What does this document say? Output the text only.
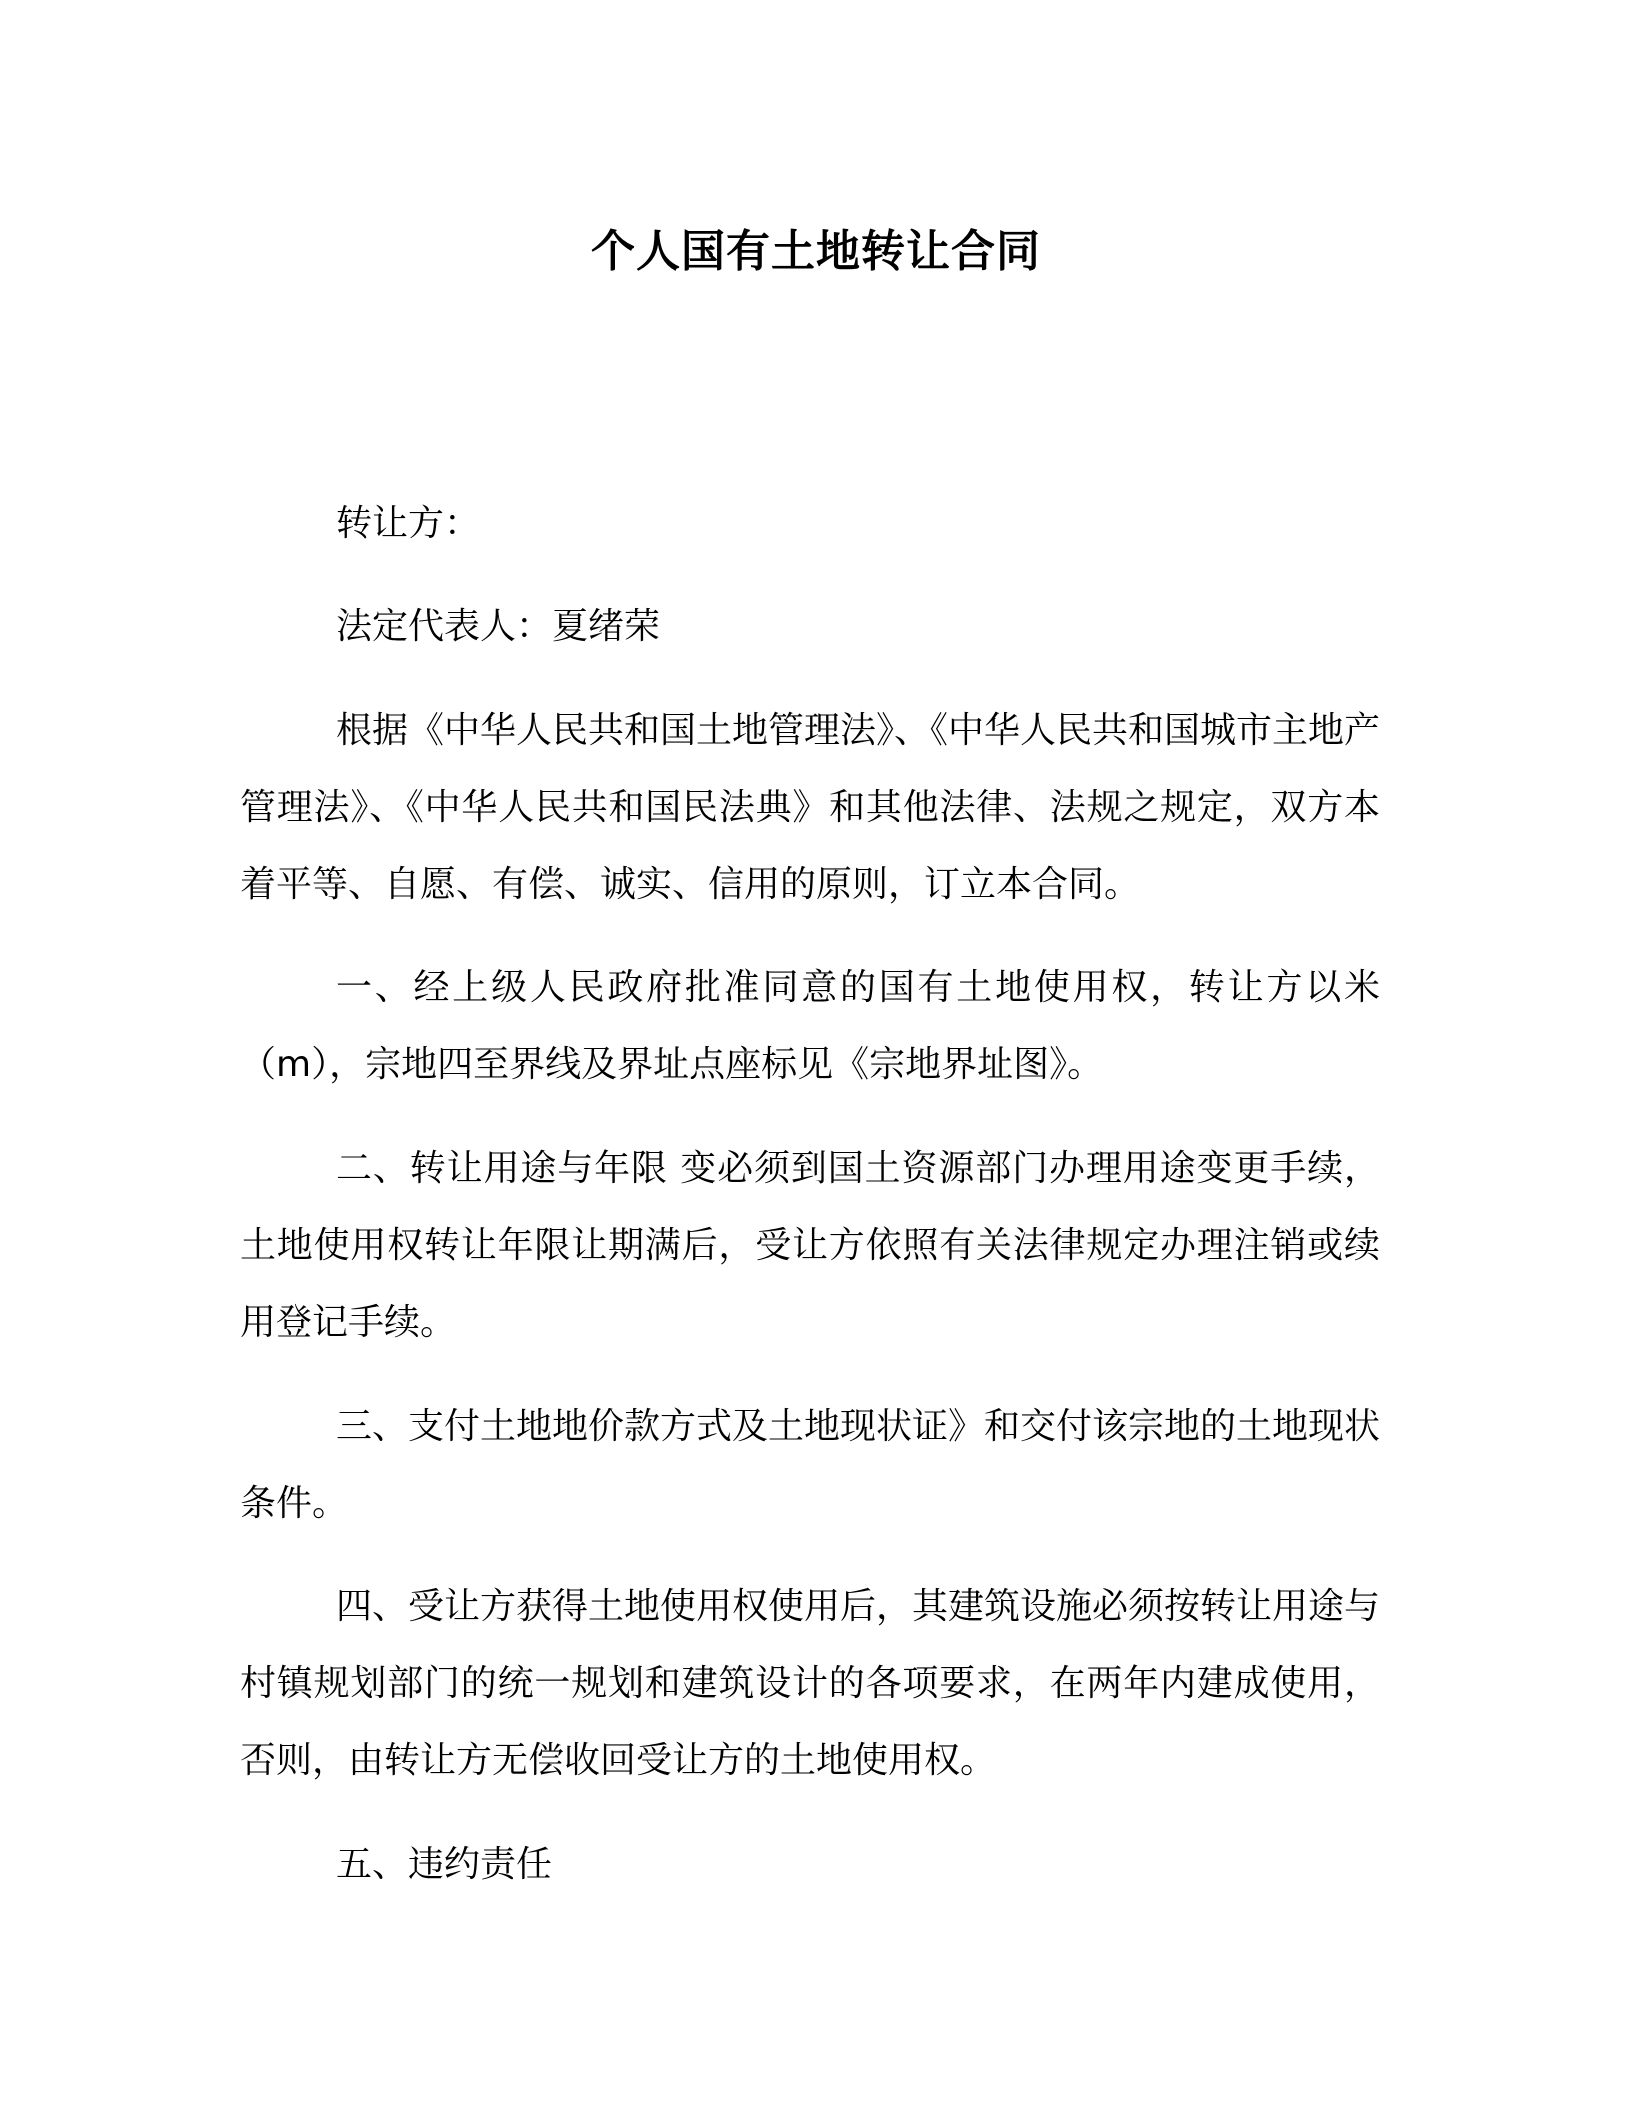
个人国有土地转让合同

转让方：

法定代表人：夏绪荣

根据《中华人民共和国土地管理法》、《中华人民共和国城市主地产管理法》、《中华人民共和国民法典》和其他法律、法规之规定，双方本着平等、自愿、有偿、诚实、信用的原则，订立本合同。

一、经上级人民政府批准同意的国有土地使用权，转让方以米（m），宗地四至界线及界址点座标见《宗地界址图》。

二、转让用途与年限 变必须到国土资源部门办理用途变更手续，土地使用权转让年限让期满后，受让方依照有关法律规定办理注销或续用登记手续。

三、支付土地地价款方式及土地现状证》和交付该宗地的土地现状条件。

四、受让方获得土地使用权使用后，其建筑设施必须按转让用途与村镇规划部门的统一规划和建筑设计的各项要求，在两年内建成使用，否则，由转让方无偿收回受让方的土地使用权。

五、违约责任
